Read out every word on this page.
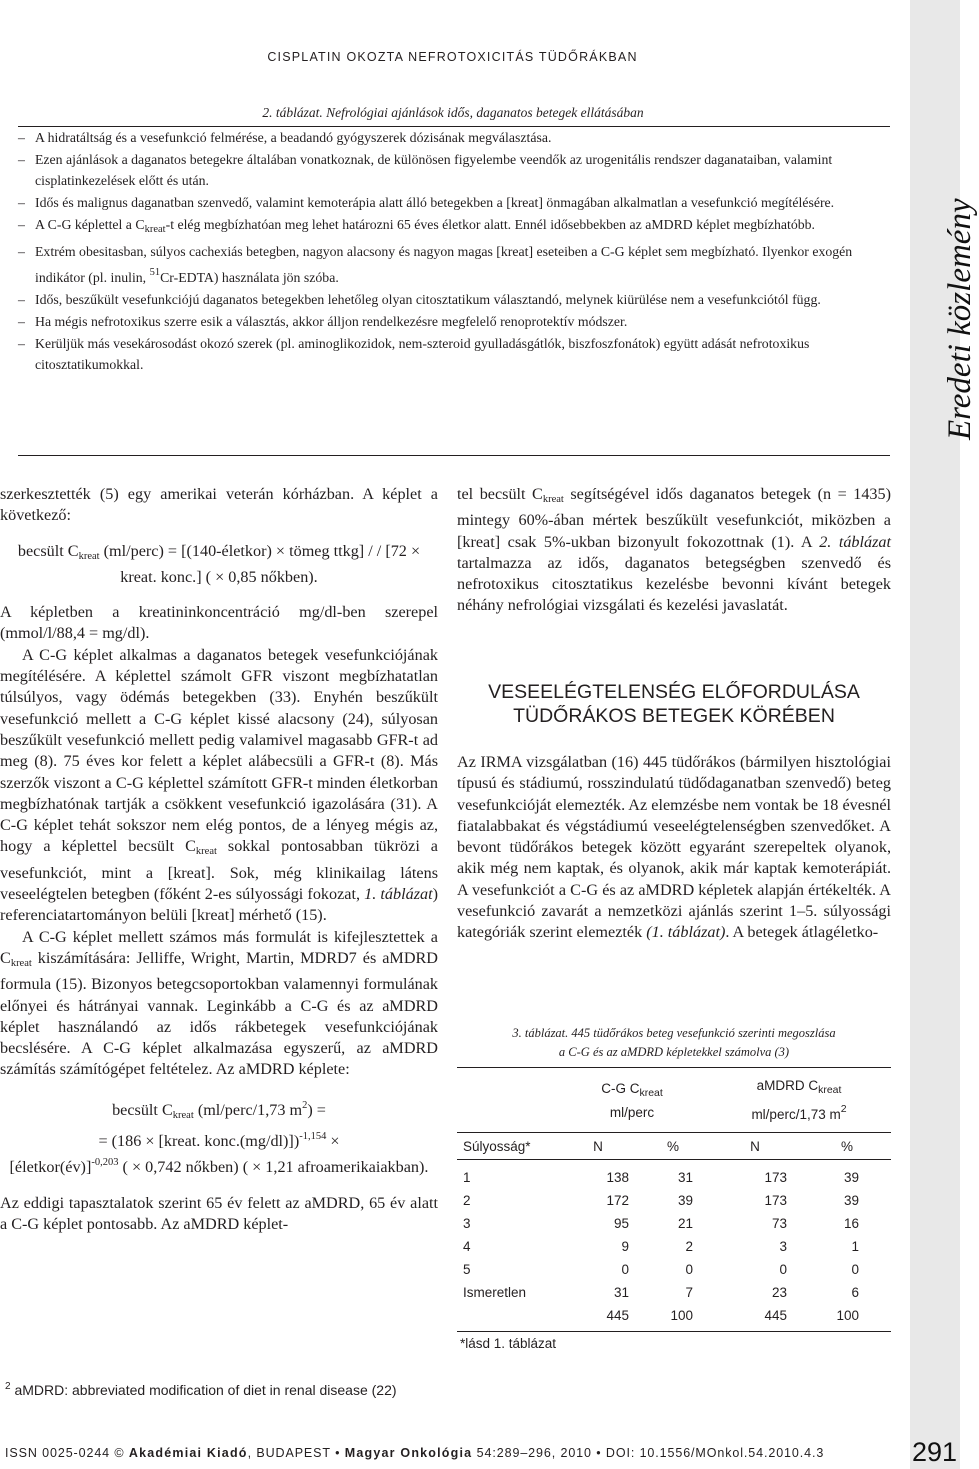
CISPLATIN OKOZTA NEFROTOXICITÁS TÜDŐRÁKBAN
Eredeti közlemény
2. táblázat. Nefrológiai ajánlások idős, daganatos betegek ellátásában
– A hidratáltság és a vesefunkció felmérése, a beadandó gyógyszerek dózisának megválasztása.
– Ezen ajánlások a daganatos betegekre általában vonatkoznak, de különösen figyelembe veendők az urogenitális rendszer daganataiban, valamint cisplatinkezelések előtt és után.
– Idős és malignus daganatban szenvedő, valamint kemoterápia alatt álló betegekben a [kreat] önmagában alkalmatlan a vesefunkció megítélésére.
– A C-G képlettel a $C_{kreat}-t$ elég megbízhatóan meg lehet határozni 65 éves életkor alatt. Ennél idősebbekben az aMDRD képlet megbízhatóbb.
– Extrém obesitasban, súlyos cachexiás betegben, nagyon alacsony és nagyon magas [kreat] eseteiben a C-G képlet sem megbízható. Ilyenkor exogén indikátor (pl. inulin, $^{51}$Cr-EDTA) használata jön szóba.
– Idős, beszűkült vesefunkciójú daganatos betegekben lehetőleg olyan citosztatikum választandó, melynek kiürülése nem a vesefunkciótól függ.
– Ha mégis nefrotoxikus szerre esik a választás, akkor álljon rendelkezésre megfelelő renoprotektív módszer.
– Kerüljük más vesekárosodást okozó szerek (pl. aminoglikozidok, nem-szteroid gyulladásgátlók, biszfoszfonátok) együtt adását nefrotoxikus citosztatikumokkal.

szerkesztették (5) egy amerikai veterán kórházban. A képlet a következő:

becsült $C_{kreat}$ (ml/perc) = [(140-életkor) × tömeg ttkg] / / [72 × kreat. konc.] ( × 0,85 nőkben).

A képletben a kreatininkoncentráció mg/dl-ben szerepel (mmol/l/88,4 = mg/dl).

A C-G képlet alkalmas a daganatos betegek vesefunkciójának megítélésére. A képlettel számolt GFR viszont megbízhatatlan túlsúlyos, vagy ödémás betegekben (33). Enyhén beszűkült vesefunkció mellett a C-G képlet kissé alacsony (24), súlyosan beszűkült vesefunkció mellett pedig valamivel magasabb GFR-t ad meg (8). 75 éves kor felett a képlet alábecsüli a GFR-t (8). Más szerzők viszont a C-G képlettel számított GFR-t minden életkorban megbízhatónak tartják a csökkent vesefunkció igazolására (31). A C-G képlet tehát sokszor nem elég pontos, de a lényeg mégis az, hogy a képlettel becsült $C_{kreat}$ sokkal pontosabban tükrözi a vesefunkciót, mint a [kreat]. Sok, még klinikailag látens veseelégtelen betegben (főként 2-es súlyossági fokozat, 1. táblázat) referenciatartományon belüli [kreat] mérhető (15).

A C-G képlet mellett számos más formulát is kifejlesztettek a $C_{kreat}$ kiszámítására: Jelliffe, Wright, Martin, MDRD7 és aMDRD formula (15). Bizonyos betegcsoportokban valamennyi formulának előnyei és hátrányai vannak. Leginkább a C-G és az aMDRD képlet használandó az idős rákbetegek vesefunkciójának becslésére. A C-G képlet alkalmazása egyszerű, az aMDRD számítás számítógépet feltételez. Az aMDRD képlete:

becsült $C_{kreat}$ (ml/perc/1,73 $m^2$) =
= (186 × [kreat. konc.(mg/dl)])$^{-1,154}$ ×
[életkor(év)]$^{-0,203}$ ( × 0,742 nőkben) ( × 1,21 afroamerikaiakban).

Az eddigi tapasztalatok szerint 65 év felett az aMDRD, 65 év alatt a C-G képlet pontosabb. Az aMDRD képlet-

tel becsült $C_{kreat}$ segítségével idős daganatos betegek (n = 1435) mintegy 60%-ában mértek beszűkült vesefunkciót, miközben a [kreat] csak 5%-ukban bizonyult fokozottnak (1). A 2. táblázat tartalmazza az idős, daganatos betegségben szenvedő és nefrotoxikus citosztatikus kezelésbe bevonni kívánt betegek néhány nefrológiai vizsgálati és kezelési javaslatát.

VESEELÉGTELENSÉG ELŐFORDULÁSA
TÜDŐRÁKOS BETEGEK KÖRÉBEN

Az IRMA vizsgálatban (16) 445 tüdőrákos (bármilyen hisztológiai típusú és stádiumú, rosszindulatú tüdődaganatban szenvedő) beteg vesefunkcióját elemezték. Az elemzésbe nem vontak be 18 évesnél fiatalabbakat és végstádiumú veseelégtelenségben szenvedőket. A bevont tüdőrákos betegek között egyaránt szerepeltek olyanok, akik még nem kaptak, és olyanok, akik már kaptak kemoterápiát. A vesefunkciót a C-G és az aMDRD képletek alapján értékelték. A vesefunkció zavarát a nemzetközi ajánlás szerint 1–5. súlyossági kategóriák szerint elemezték (1. táblázat). A betegek átlagéletko-

3. táblázat. 445 tüdőrákos beteg vesefunkció szerinti megoszlása
a C-G és az aMDRD képletekkel számolva (3)
	C-G $C_{kreat}$
ml/perc		aMDRD $C_{kreat}$
ml/perc/1,73 $m^2$
Súlyosság*	N	%	N	%
1	138	31	173	39
2	172	39	173	39
3	95	21	73	16
4	9	2	3	1
5	0	0	0	0
Ismeretlen	31	7	23	6
	445	100	445	100
*lásd 1. táblázat
$^2$ aMDRD: abbreviated modification of diet in renal disease (22)
ISSN 0025-0244 © Akadémiai Kiadó, BUDAPEST • Magyar Onkológia 54:289–296, 2010 • DOI: 10.1556/MOnkol.54.2010.4.3	291
